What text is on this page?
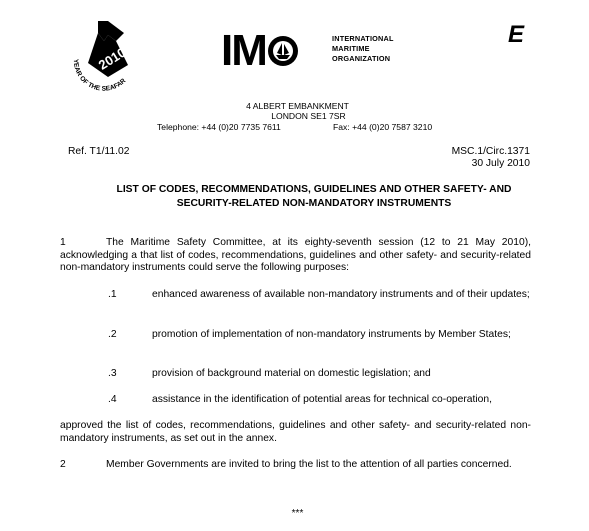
2010
YEAR OF THE SEAFAR
I M	INTERNATIONAL
MARITIME
ORGANIZATION
E
4 ALBERT EMBANKMENT
LONDON SE1 7SR
Telephone: +44 (0)20 7735 7611	Fax: +44 (0)20 7587 3210
Ref. T1/11.02	MSC.1/Circ.1371
30 July 2010
LIST OF CODES, RECOMMENDATIONS, GUIDELINES AND OTHER SAFETY- AND
SECURITY-RELATED NON-MANDATORY INSTRUMENTS
1	The Maritime Safety Committee, at its eighty-seventh session (12 to 21 May 2010), acknowledging a that list of codes, recommendations, guidelines and other safety- and security-related non-mandatory instruments could serve the following purposes:
.1	enhanced awareness of available non-mandatory instruments and of their updates;
.2	promotion of implementation of non-mandatory instruments by Member States;
.3	provision of background material on domestic legislation; and
.4	assistance in the identification of potential areas for technical co-operation,
approved the list of codes, recommendations, guidelines and other safety- and security-related non-mandatory instruments, as set out in the annex.
2	Member Governments are invited to bring the list to the attention of all parties concerned.
***
